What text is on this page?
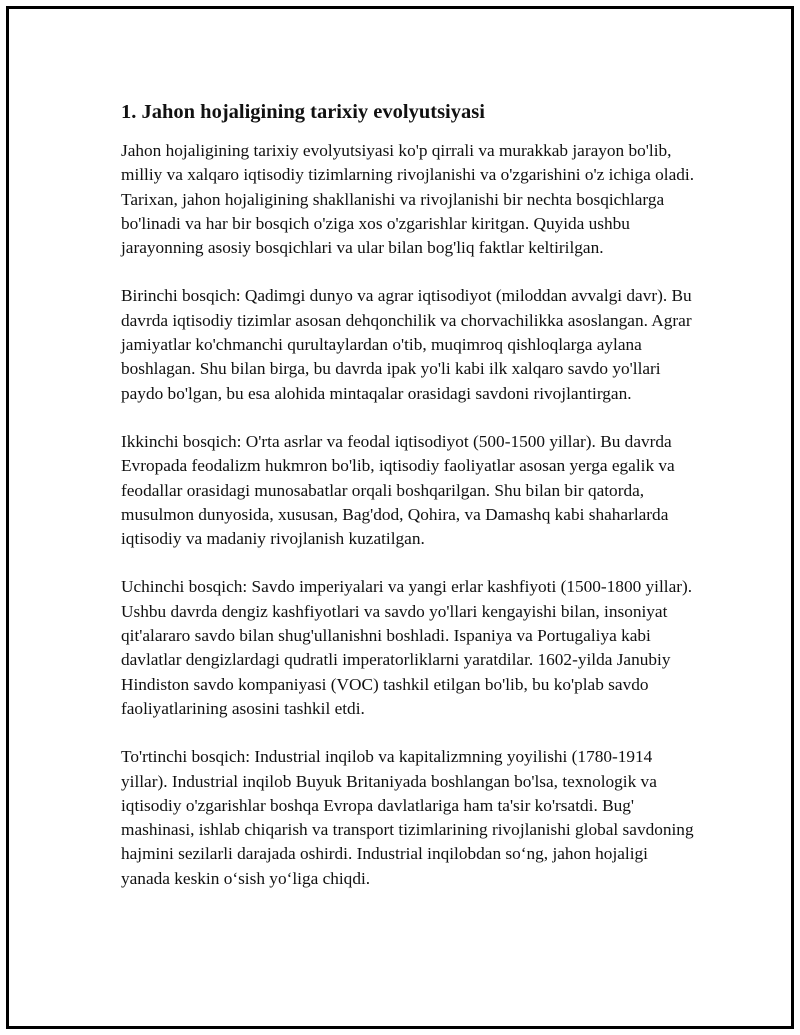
1. Jahon hojaligining tarixiy evolyutsiyasi

Jahon hojaligining tarixiy evolyutsiyasi ko'p qirrali va murakkab jarayon bo'lib, milliy va xalqaro iqtisodiy tizimlarning rivojlanishi va o'zgarishini o'z ichiga oladi. Tarixan, jahon hojaligining shakllanishi va rivojlanishi bir nechta bosqichlarga bo'linadi va har bir bosqich o'ziga xos o'zgarishlar kiritgan. Quyida ushbu jarayonning asosiy bosqichlari va ular bilan bog'liq faktlar keltirilgan.

Birinchi bosqich: Qadimgi dunyo va agrar iqtisodiyot (miloddan avvalgi davr). Bu davrda iqtisodiy tizimlar asosan dehqonchilik va chorvachilikka asoslangan. Agrar jamiyatlar ko'chmanchi qurultaylardan o'tib, muqimroq qishloqlarga aylana boshlagan. Shu bilan birga, bu davrda ipak yo'li kabi ilk xalqaro savdo yo'llari paydo bo'lgan, bu esa alohida mintaqalar orasidagi savdoni rivojlantirgan.

Ikkinchi bosqich: O'rta asrlar va feodal iqtisodiyot (500-1500 yillar). Bu davrda Evropada feodalizm hukmron bo'lib, iqtisodiy faoliyatlar asosan yerga egalik va feodallar orasidagi munosabatlar orqali boshqarilgan. Shu bilan bir qatorda, musulmon dunyosida, xususan, Bag'dod, Qohira, va Damashq kabi shaharlarda iqtisodiy va madaniy rivojlanish kuzatilgan.

Uchinchi bosqich: Savdo imperiyalari va yangi erlar kashfiyoti (1500-1800 yillar). Ushbu davrda dengiz kashfiyotlari va savdo yo'llari kengayishi bilan, insoniyat qit'alararo savdo bilan shug'ullanishni boshladi. Ispaniya va Portugaliya kabi davlatlar dengizlardagi qudratli imperatorliklarni yaratdilar. 1602-yilda Janubiy Hindiston savdo kompaniyasi (VOC) tashkil etilgan bo'lib, bu ko'plab savdo faoliyatlarining asosini tashkil etdi.

To'rtinchi bosqich: Industrial inqilob va kapitalizmning yoyilishi (1780-1914 yillar). Industrial inqilob Buyuk Britaniyada boshlangan bo'lsa, texnologik va iqtisodiy o'zgarishlar boshqa Evropa davlatlariga ham ta'sir ko'rsatdi. Bug' mashinasi, ishlab chiqarish va transport tizimlarining rivojlanishi global savdoning hajmini sezilarli darajada oshirdi. Industrial inqilobdan so‘ng, jahon hojaligi yanada keskin o‘sish yo‘liga chiqdi.
